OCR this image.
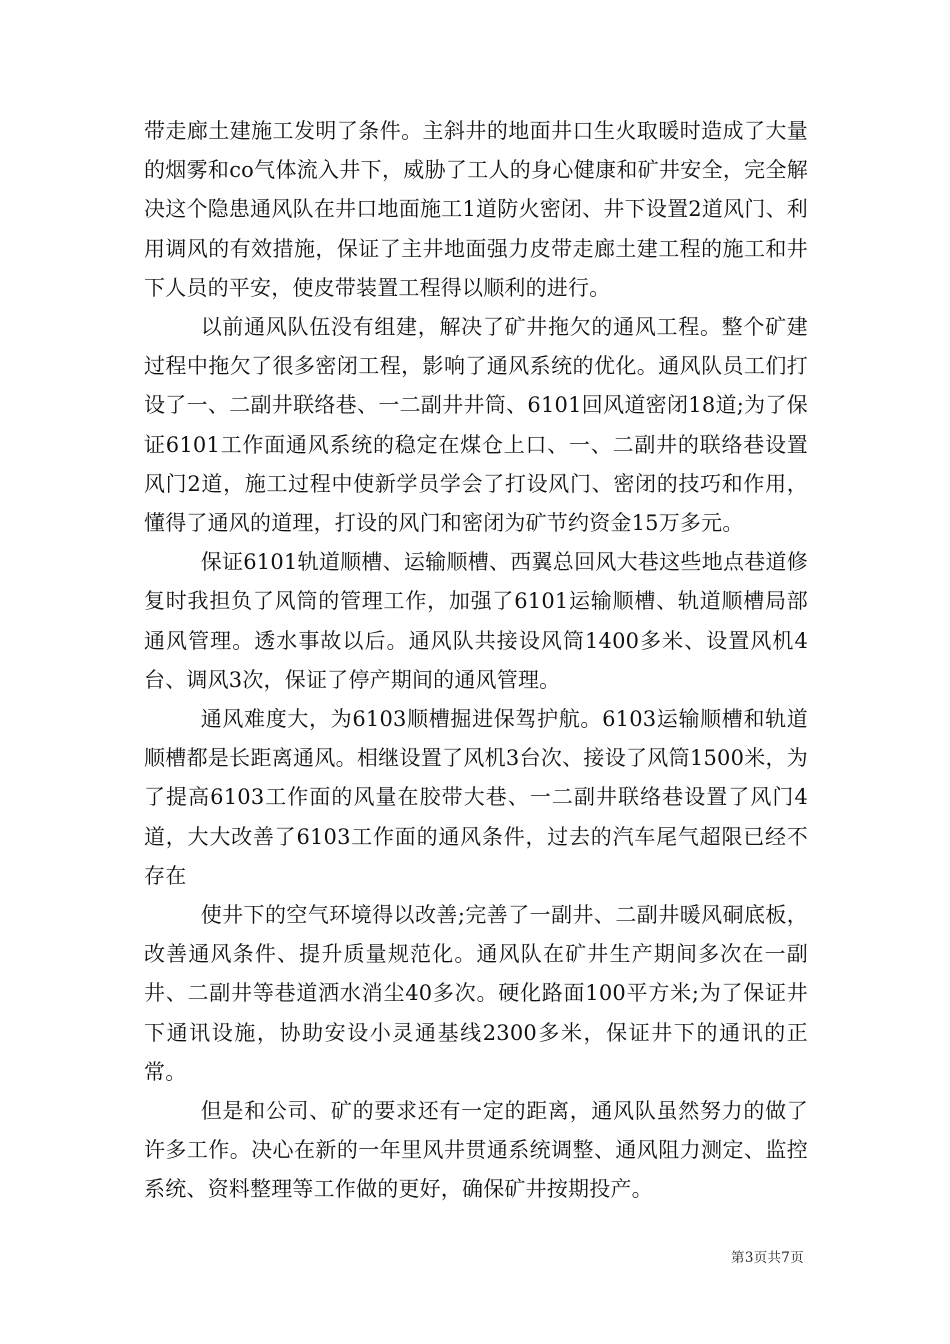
带走廊土建施工发明了条件。主斜井的地面井口生火取暖时造成了大量的烟雾和co气体流入井下，威胁了工人的身心健康和矿井安全，完全解决这个隐患通风队在井口地面施工1道防火密闭、井下设置2道风门、利用调风的有效措施，保证了主井地面强力皮带走廊土建工程的施工和井下人员的平安，使皮带装置工程得以顺利的进行。

以前通风队伍没有组建，解决了矿井拖欠的通风工程。整个矿建过程中拖欠了很多密闭工程，影响了通风系统的优化。通风队员工们打设了一、二副井联络巷、一二副井井筒、6101回风道密闭18道;为了保证6101工作面通风系统的稳定在煤仓上口、一、二副井的联络巷设置风门2道，施工过程中使新学员学会了打设风门、密闭的技巧和作用，懂得了通风的道理，打设的风门和密闭为矿节约资金15万多元。

保证6101轨道顺槽、运输顺槽、西翼总回风大巷这些地点巷道修复时我担负了风筒的管理工作，加强了6101运输顺槽、轨道顺槽局部通风管理。透水事故以后。通风队共接设风筒1400多米、设置风机4台、调风3次，保证了停产期间的通风管理。

通风难度大，为6103顺槽掘进保驾护航。6103运输顺槽和轨道顺槽都是长距离通风。相继设置了风机3台次、接设了风筒1500米，为了提高6103工作面的风量在胶带大巷、一二副井联络巷设置了风门4道，大大改善了6103工作面的通风条件，过去的汽车尾气超限已经不存在

使井下的空气环境得以改善;完善了一副井、二副井暖风硐底板，改善通风条件、提升质量规范化。通风队在矿井生产期间多次在一副井、二副井等巷道洒水消尘40多次。硬化路面100平方米;为了保证井下通讯设施，协助安设小灵通基线2300多米，保证井下的通讯的正常。

但是和公司、矿的要求还有一定的距离，通风队虽然努力的做了许多工作。决心在新的一年里风井贯通系统调整、通风阻力测定、监控系统、资料整理等工作做的更好，确保矿井按期投产。

第3页共7页
